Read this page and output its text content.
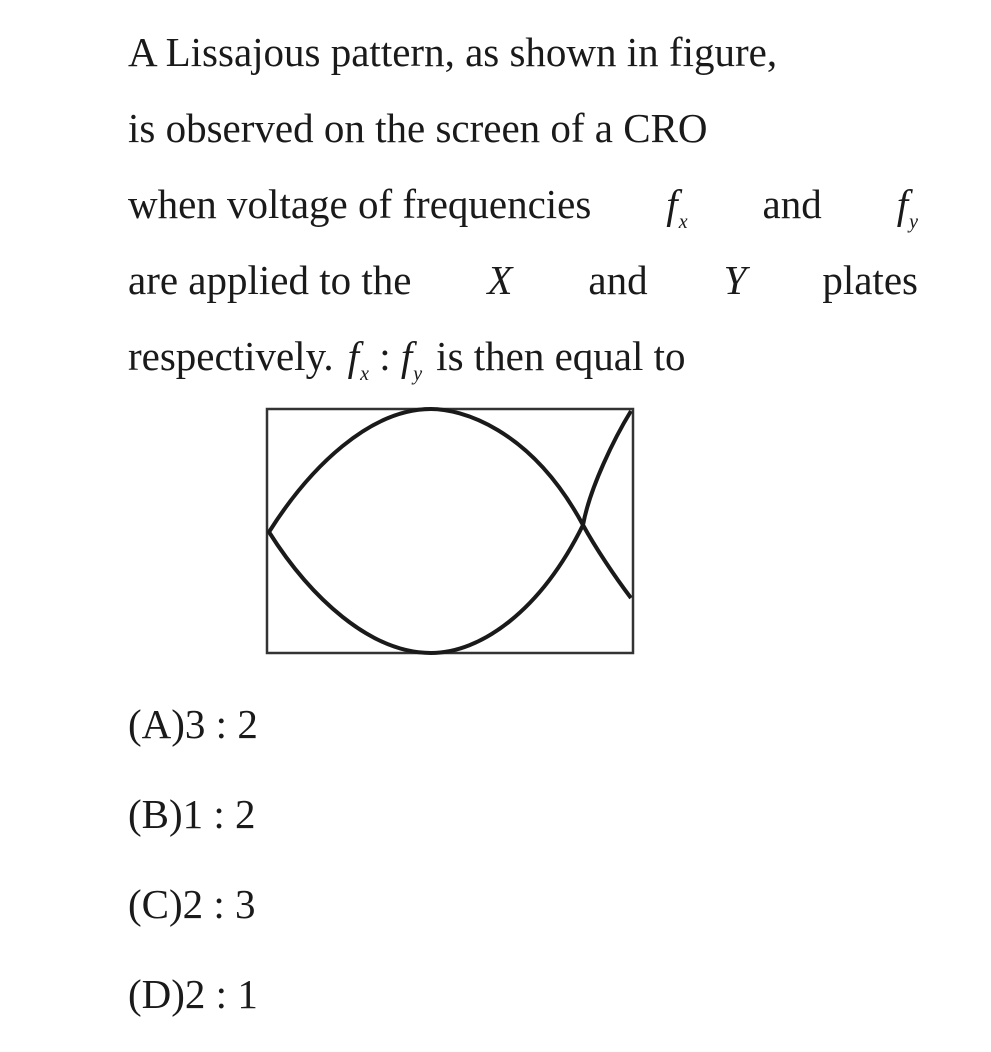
A Lissajous pattern, as shown in figure,
is observed on the screen of a CRO
when voltage of frequencies $f_x$ and $f_y$
are applied to the X and Y plates
respectively. $f_x$ : $f_y$ is then equal to
(A)3 : 2
(B)1 : 2
(C)2 : 3
(D)2 : 1
